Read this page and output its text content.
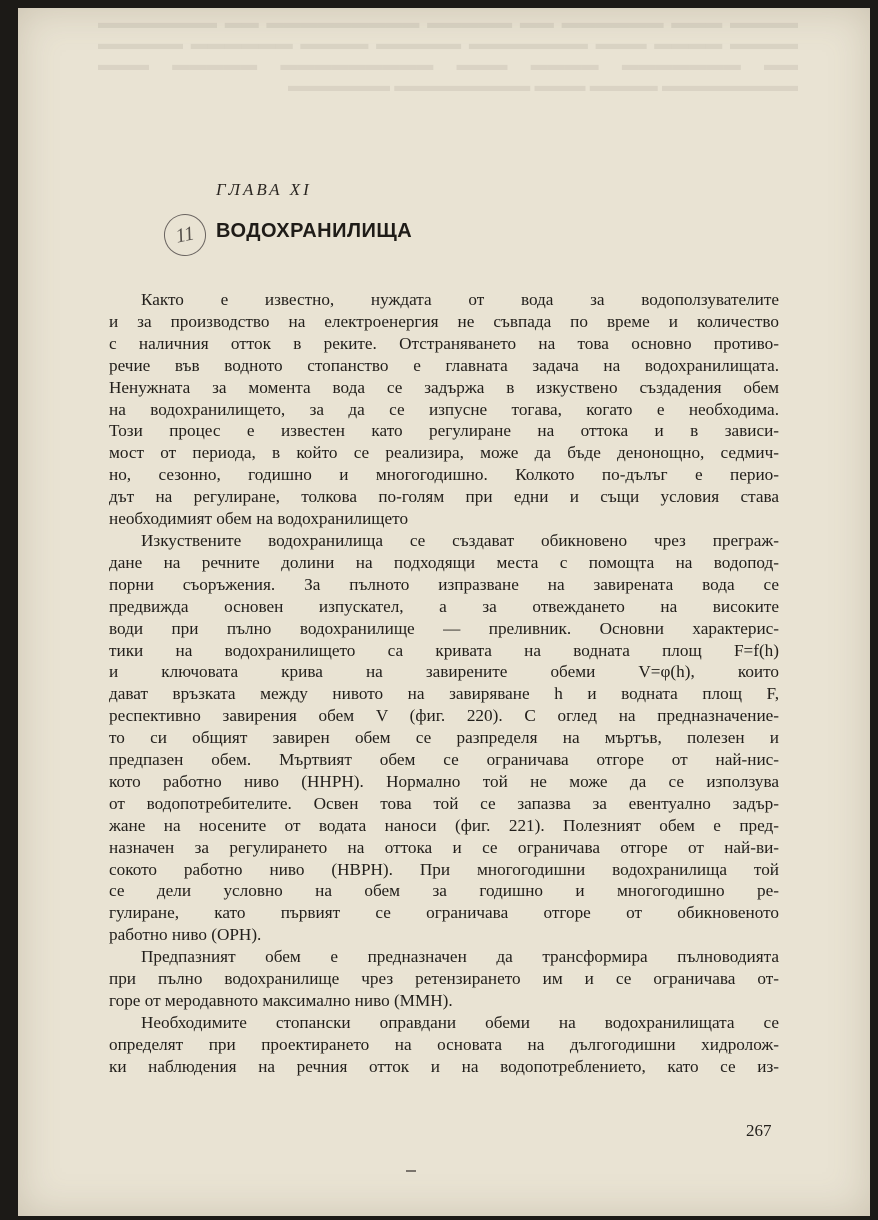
▬▬▬▬ ▬▬▬ ▬▬▬▬▬▬ ▬▬ ▬▬▬▬▬ ▬▬▬▬▬▬▬▬▬ ▬▬ ▬▬▬▬▬▬▬ ▬▬▬▬ ▬▬▬▬ ▬▬▬ ▬▬▬▬▬▬▬ ▬▬▬▬▬ ▬▬▬▬ ▬▬▬▬▬▬ ▬▬▬▬▬ ▬▬ ▬▬▬▬▬▬▬ ▬▬▬▬ ▬▬▬ ▬▬▬▬▬▬▬▬▬ ▬▬▬▬▬ ▬▬▬ ▬▬▬▬▬▬▬▬ ▬▬▬▬ ▬▬▬ ▬▬▬▬▬▬▬▬ ▬▬▬▬▬▬
ГЛАВА XI
11 ВОДОХРАНИЛИЩА

Както е известно, нуждата от вода за водоползувателите

и за производство на електроенергия не съвпада по време и количество

с наличния отток в реките. Отстраняването на това основно противо-

речие във водното стопанство е главната задача на водохранилищата.

Ненужната за момента вода се задържа в изкуствено създадения обем

на водохранилището, за да се изпусне тогава, когато е необходима.

Този процес е известен като регулиране на оттока и в зависи-

мост от периода, в който се реализира, може да бъде денонощно, седмич-

но, сезонно, годишно и многогодишно. Колкото по-дълъг е перио-

дът на регулиране, толкова по-голям при едни и същи условия става

необходимият обем на водохранилището

Изкуствените водохранилища се създават обикновено чрез преграж-

дане на речните долини на подходящи места с помощта на водопод-

порни съоръжения. За пълното изпразване на завирената вода се

предвижда основен изпускател, а за отвеждането на високите

води при пълно водохранилище — преливник. Основни характерис-

тики на водохранилището са кривата на водната площ F=f(h)

и ключовата крива на завирените обеми V=φ(h), които

дават връзката между нивото на завиряване h и водната площ F,

респективно завирения обем V (фиг. 220). С оглед на предназначение-

то си общият завирен обем се разпределя на мъртъв, полезен и

предпазен обем. Мъртвият обем се ограничава отгоре от най-нис-

кото работно ниво (ННРН). Нормално той не може да се използува

от водопотребителите. Освен това той се запазва за евентуално задър-

жане на носените от водата наноси (фиг. 221). Полезният обем е пред-

назначен за регулирането на оттока и се ограничава отгоре от най-ви-

сокото работно ниво (НВРН). При многогодишни водохранилища той

се дели условно на обем за годишно и многогодишно ре-

гулиране, като първият се ограничава отгоре от обикновеното

работно ниво (ОРН).

Предпазният обем е предназначен да трансформира пълноводията

при пълно водохранилище чрез ретензирането им и се ограничава от-

горе от меродавното максимално ниво (ММН).

Необходимите стопански оправдани обеми на водохранилищата се

определят при проектирането на основата на дългогодишни хидролож-

ки наблюдения на речния отток и на водопотреблението, като се из-

267
